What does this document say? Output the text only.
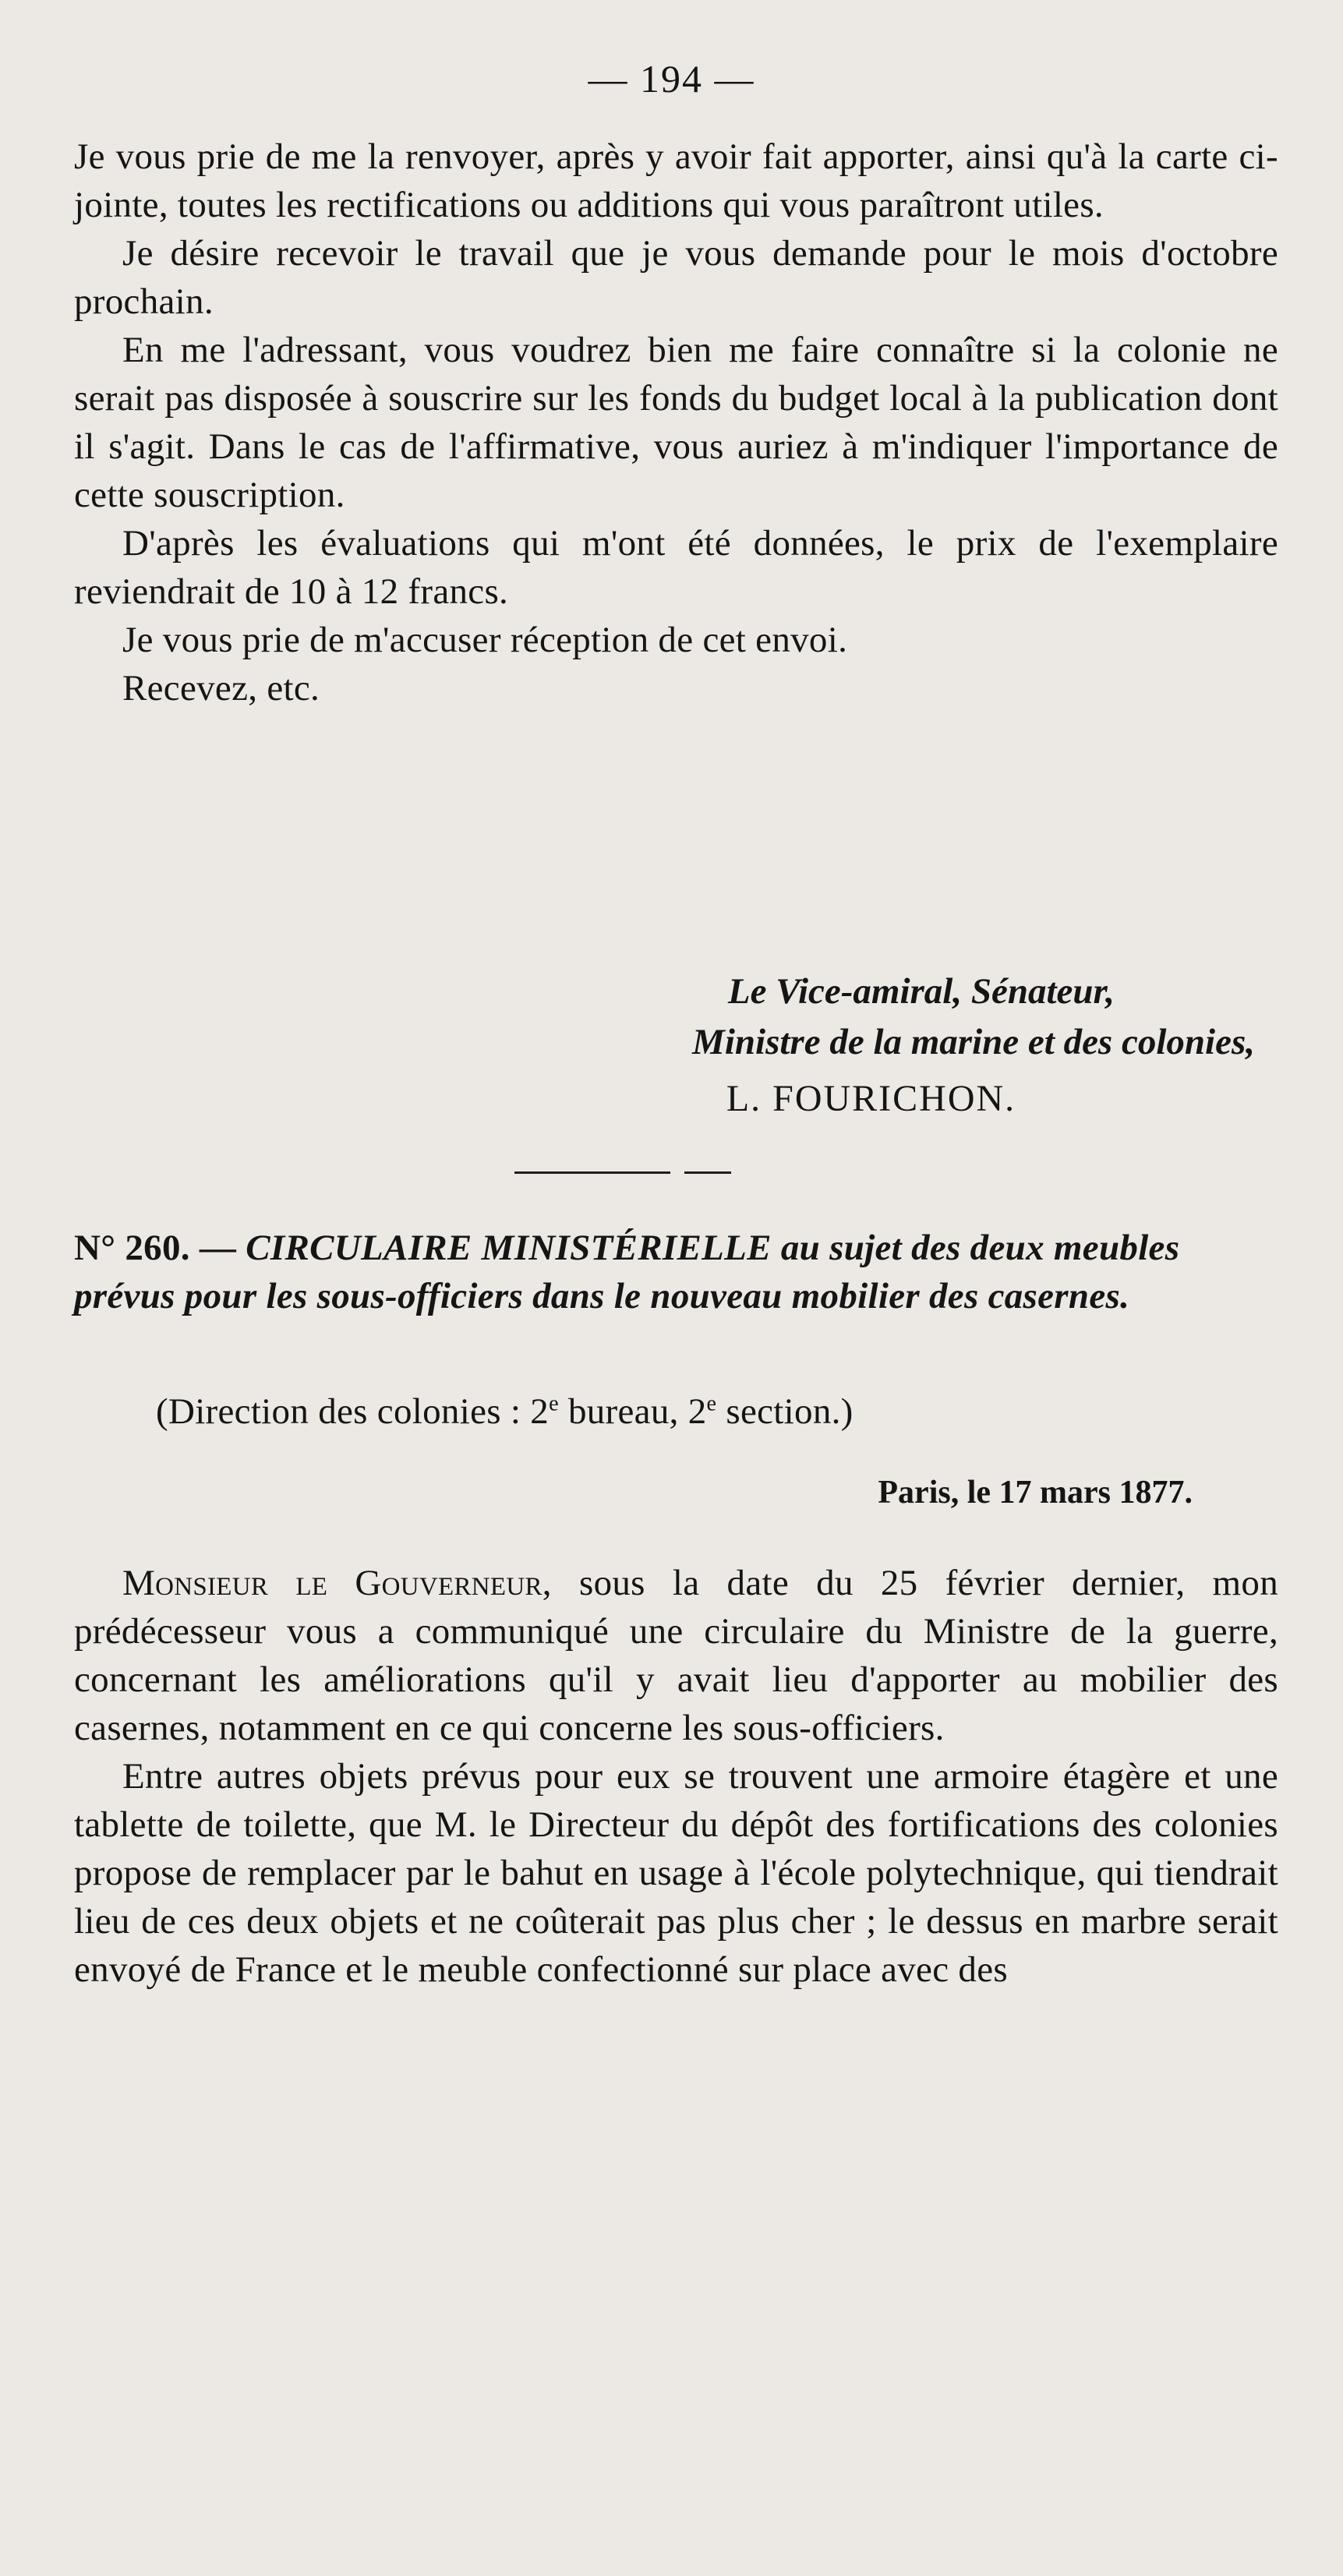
— 194 —

Je vous prie de me la renvoyer, après y avoir fait apporter, ainsi qu'à la carte ci-jointe, toutes les rectifications ou additions qui vous paraîtront utiles.

Je désire recevoir le travail que je vous demande pour le mois d'octobre prochain.

En me l'adressant, vous voudrez bien me faire connaître si la colonie ne serait pas disposée à souscrire sur les fonds du budget local à la publication dont il s'agit. Dans le cas de l'affirmative, vous auriez à m'indiquer l'importance de cette souscription.

D'après les évaluations qui m'ont été données, le prix de l'exemplaire reviendrait de 10 à 12 francs.

Je vous prie de m'accuser réception de cet envoi.

Recevez, etc.

Le Vice-amiral, Sénateur,
Ministre de la marine et des colonies,
L. FOURICHON.

N° 260. — CIRCULAIRE MINISTÉRIELLE au sujet des deux meubles prévus pour les sous-officiers dans le nouveau mobilier des casernes.

(Direction des colonies : 2e bureau, 2e section.)

Paris, le 17 mars 1877.

Monsieur le Gouverneur, sous la date du 25 février dernier, mon prédécesseur vous a communiqué une circulaire du Ministre de la guerre, concernant les améliorations qu'il y avait lieu d'apporter au mobilier des casernes, notamment en ce qui concerne les sous-officiers.

Entre autres objets prévus pour eux se trouvent une armoire étagère et une tablette de toilette, que M. le Directeur du dépôt des fortifications des colonies propose de remplacer par le bahut en usage à l'école polytechnique, qui tiendrait lieu de ces deux objets et ne coûterait pas plus cher ; le dessus en marbre serait envoyé de France et le meuble confectionné sur place avec des
